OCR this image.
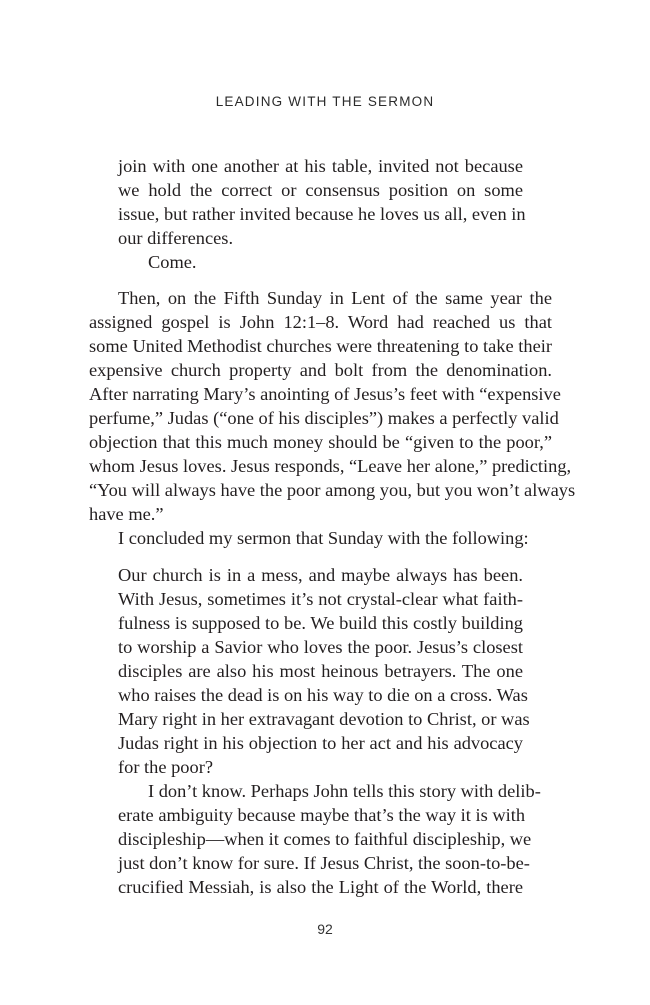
LEADING WITH THE SERMON

join with one another at his table, invited not because

we hold the correct or consensus position on some

issue, but rather invited because he loves us all, even in

our differences.

Come.

Then, on the Fifth Sunday in Lent of the same year the

assigned gospel is John 12:1–8. Word had reached us that

some United Methodist churches were threatening to take their

expensive church property and bolt from the denomination.

After narrating Mary’s anointing of Jesus’s feet with “expensive

perfume,” Judas (“one of his disciples”) makes a perfectly valid

objection that this much money should be “given to the poor,”

whom Jesus loves. Jesus responds, “Leave her alone,” predicting,

“You will always have the poor among you, but you won’t always

have me.”

I concluded my sermon that Sunday with the following:

Our church is in a mess, and maybe always has been.

With Jesus, sometimes it’s not crystal-clear what faith-

fulness is supposed to be. We build this costly building

to worship a Savior who loves the poor. Jesus’s closest

disciples are also his most heinous betrayers. The one

who raises the dead is on his way to die on a cross. Was

Mary right in her extravagant devotion to Christ, or was

Judas right in his objection to her act and his advocacy

for the poor?

I don’t know. Perhaps John tells this story with delib-

erate ambiguity because maybe that’s the way it is with

discipleship—when it comes to faithful discipleship, we

just don’t know for sure. If Jesus Christ, the soon-to-be-

crucified Messiah, is also the Light of the World, there

92
